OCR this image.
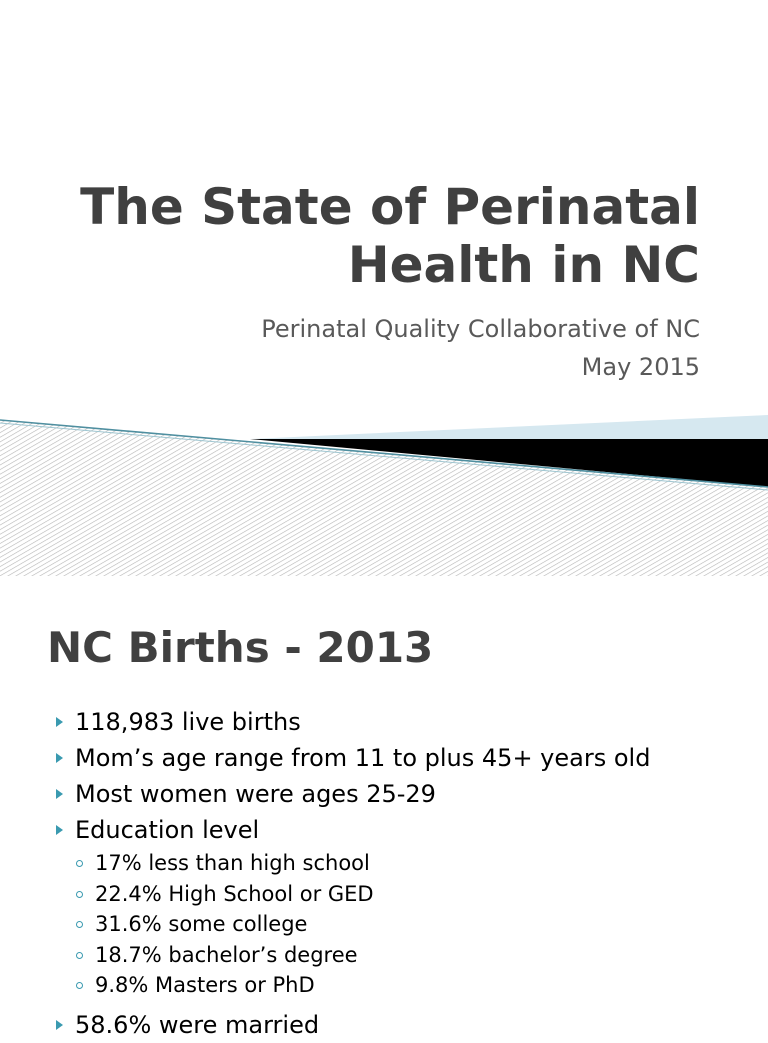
The State of Perinatal
Health in NC
Perinatal Quality Collaborative of NC
May 2015
NC Births - 2013
118,983 live births
Mom’s age range from 11 to plus 45+ years old
Most women were ages 25-29
Education level
17% less than high school
22.4% High School or GED
31.6% some college
18.7% bachelor’s degree
9.8% Masters or PhD
58.6% were married
